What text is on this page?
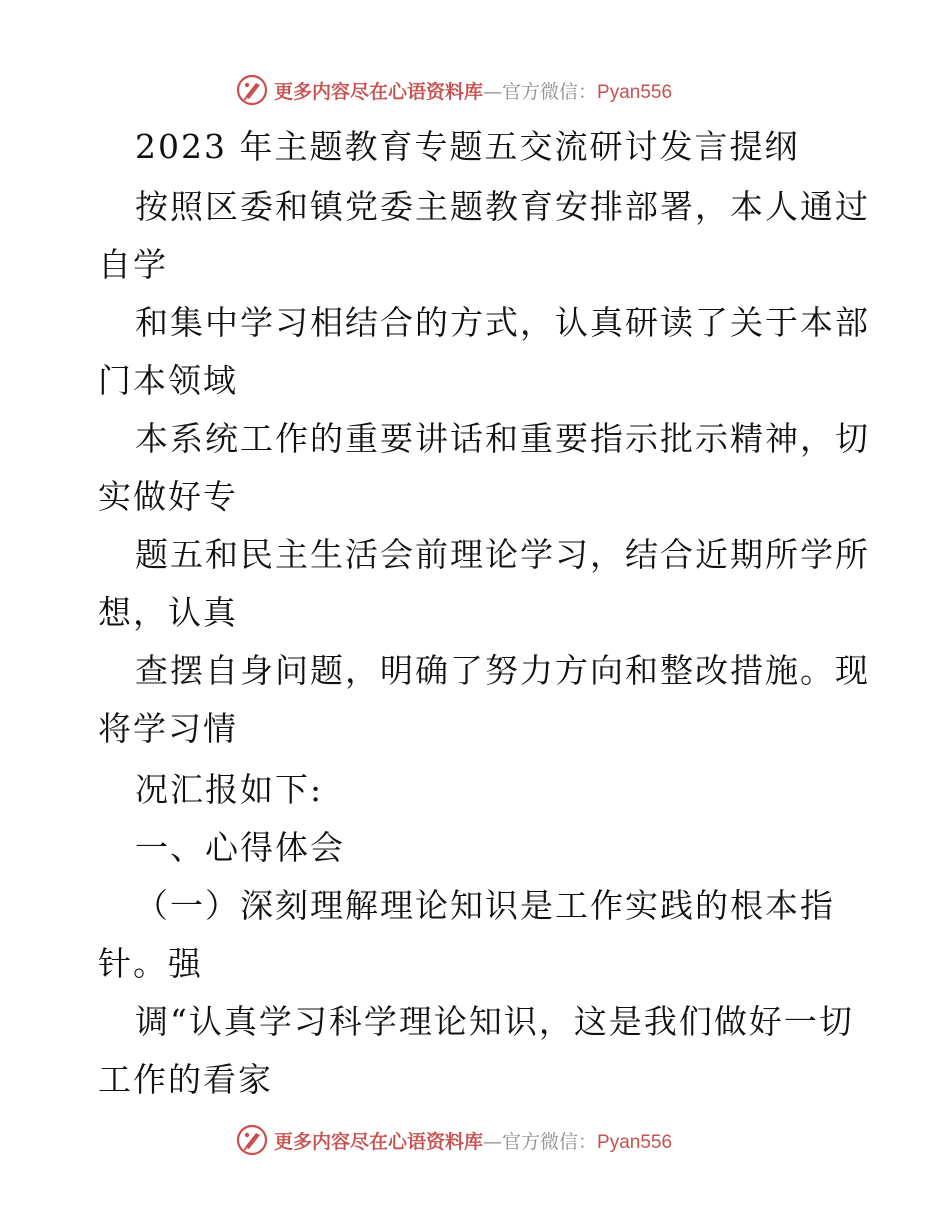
更多内容尽在心语资料库—官方微信：Pyan556
2023 年主题教育专题五交流研讨发言提纲
按照区委和镇党委主题教育安排部署，本人通过
自学
和集中学习相结合的方式，认真研读了关于本部
门本领域
本系统工作的重要讲话和重要指示批示精神，切
实做好专
题五和民主生活会前理论学习，结合近期所学所
想，认真
查摆自身问题，明确了努力方向和整改措施。现
将学习情
况汇报如下:
一、心得体会
（一）深刻理解理论知识是工作实践的根本指
针。强
调“认真学习科学理论知识，这是我们做好一切
工作的看家
更多内容尽在心语资料库—官方微信：Pyan556
